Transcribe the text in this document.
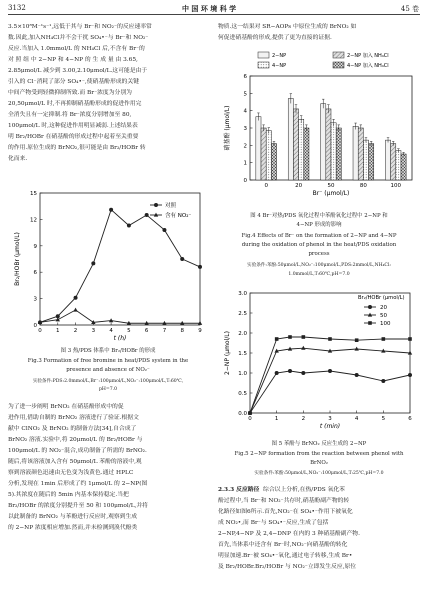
3132	中 国 环 境 科 学	45 卷
3.5×10⁸M⁻¹s⁻¹,远低于其与 Br⁻和 NO₂⁻的反应速率常
数.因此,加入NH₄Cl并不会干扰 SO₄•⁻与 Br⁻和 NO₂⁻
反应.当加入 1.0mmol/L 的 NH₄Cl 后,不含有 Br⁻的
对 照 组 中 2−NP 和 4−NP 的 生 成 量 由 3.65,
2.85μmol/L 减少到 3.00,2.10μmol/L.这可能是由于
引入的 Cl⁻消耗了部分 SO₄•⁻,使硝基酚形成的关键
中间产物受到轻微抑制所致.而 Br⁻浓度为分别为
20,50μmol/L 时,不再抑制硝基酚形成的促进作用完
全消失且有一定抑制.将 Br⁻浓度分别增加至 80,
100μmol/L 时,这种促进作用明显减弱.上述结果表
明 Br₂/HOBr 在硝基酚的形成过程中起着至关重要
的作用.原位生成的 BrNO₂,很可能是由 Br₂/HOBr 转
化而来.
0	1	2	3	4	5	6	7	8	9
0
3
6
9
12
15
t (h)
Br₂/HOBr (μmol/L)
对照
含有 NO₂⁻
图 3 热/PDS 体系中 Br₂/HOBr 的形成
Fig.3 Formation of free bromine in heat/PDS system in the
presence and absence of NO₂⁻
实验条件:PDS:2.0mmol/L,Br⁻:100μmol/L,NO₂⁻:100μmol/L,T:60℃,
pH=7.0
为了进一步阐明 BrNO₂ 在硝基酚形成中的促
进作用,借助自制的 BrNO₂ 溶液进行了验证.根据文
献中 ClNO₂ 及 BrNO₂ 的制备方法[34],自合成了
BrNO₂ 溶液.实验中,将 20μmol/L 的 Br₂/HOBr 与
100μmol/L 的 NO₂⁻混合,成功制备了所需的 BrNO₂.
随后,将该溶液加入含有 50μmol/L 苯酚的溶液中,观
察到溶液颜色迅速由无色变为浅黄色.通过 HPLC
分析,发现在 1min 后形成了约 1μmol/L 的 2−NP(图
5).其浓度在随后的 5min 内基本保持稳定.当把
Br₂/HOBr 的浓度分别提升至 50 和 100μmol/L,并将
以此制备的 BrNO₂ 与苯酚进行反应时,观察到生成
的 2−NP 浓度相应增加.然而,并未检测到溴代酚类
物质.这一结果对 SR−AOPs 中原位生成的 BrNO₂ 如
何促进硝基酚的形成,提供了更为直接的证据.
0
1
2
3
4
5
6
0	20	50	80	100
Br⁻ (μmol/L)
硝基酚 (μmol/L)
2−NP	2−NP 加入 NH₄Cl
4−NP	4−NP 加入 NH₄Cl
图 4 Br⁻对热/PDS 氧化过程中苯酚氧化过程中 2−NP 和
4−NP 形成的影响
Fig.4 Effects of Br⁻ on the formation of 2−NP and 4−NP
during the oxidation of phenol in the heat/PDS oxidation
process
实验条件:苯酚:50μmol/L,NO₂⁻:100μmol/L,PDS:2mmol/L,NH₄Cl:
1.0mmol/L,T:60℃,pH=7.0
0	1	2	3	4	5	6
0.0
0.5
1.0
1.5
2.0
2.5
3.0
t (min)
2−NP (μmol/L)
Br₂/HOBr (μmol/L)
20
50
100
图 5 苯酚与 BrNO₂ 反应生成的 2−NP
Fig.5 2−NP formation from the reaction between phenol with
BrNO₂
实验条件:苯酚:50μmol/L,NO₂⁻:100μmol/L,T:25℃,pH=7.0
2.3.3 反应路径 综合以上分析,在热/PDS 氧化苯
酚过程中,当 Br⁻和 NO₂⁻共存时,硝基酚副产物的转
化路径如图6所示.首先,NO₂⁻在 SO₄•⁻作用下被氧化
成 NO₂•,而 Br⁻与 SO₄•⁻反应,生成了包括
2−NP,4−NP 及 2,4−DNP 在内的 3 种硝基酚副产物.
首先,当体系中还含有 Br⁻时,NO₂⁻向硝基酚的转化
明显加速.Br⁻被 SO₄•⁻氧化,通过电子转移,生成 Br•
及 Br₂/HOBr.Br₂/HOBr 与 NO₂⁻立即发生反应,原位
